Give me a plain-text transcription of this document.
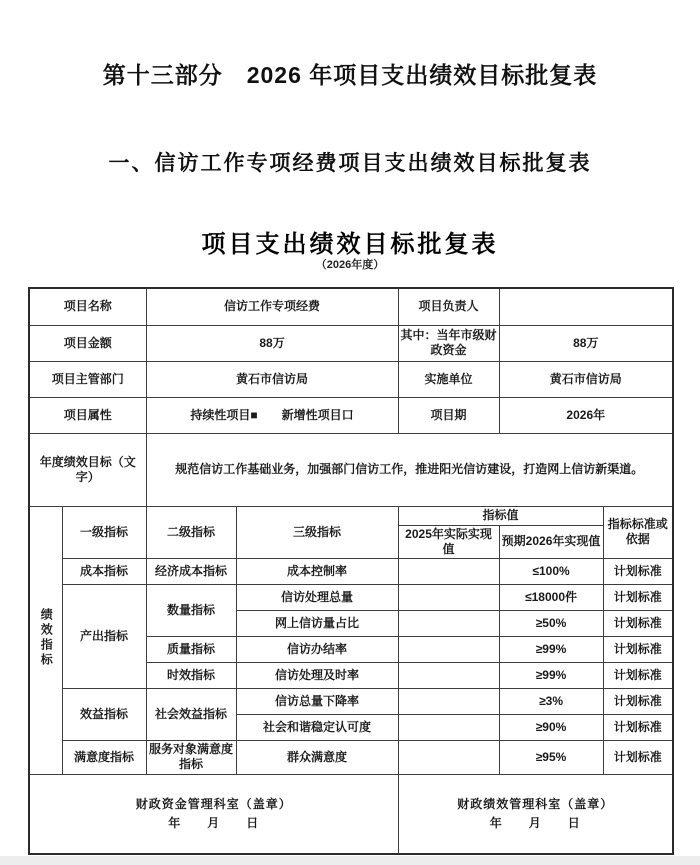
第十三部分　2026 年项目支出绩效目标批复表
一、信访工作专项经费项目支出绩效目标批复表
项目支出绩效目标批复表
（2026年度）
项目名称		信访工作专项经费		项目负责人		
项目金额		88万		其中：当年市级财政资金	88万	
项目主管部门		黄石市信访局		实施单位	黄石市信访局	
项目属性		持续性项目■　　新增性项目口		项目期	2026年	
年度绩效目标（文字）		规范信访工作基础业务，加强部门信访工作，推进阳光信访建设，打造网上信访新渠道。				
绩效指标	一级指标	二级指标	三级指标	指标值		指标标准或依据
				2025年实际实现值	预期2026年实现值	
	成本指标	经济成本指标	成本控制率		≤100%	计划标准
	产出指标	数量指标	信访处理总量		≤18000件	计划标准
			网上信访量占比		≥50%	计划标准
		质量指标	信访办结率		≥99%	计划标准
		时效指标	信访处理及时率		≥99%	计划标准
	效益指标	社会效益指标	信访总量下降率		≥3%	计划标准
			社会和谐稳定认可度		≥90%	计划标准
	满意度指标	服务对象满意度指标	群众满意度		≥95%	计划标准

财政资金管理科室（盖章）
年　　月　　日

财政绩效管理科室（盖章）
年　　月　　日
